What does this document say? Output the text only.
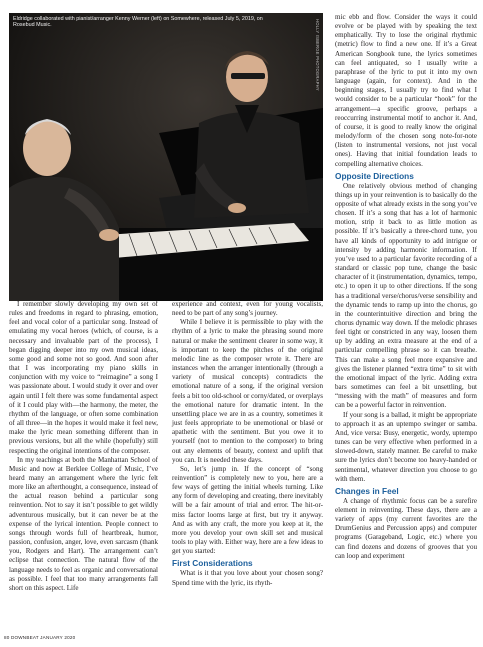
Eldridge collaborated with pianist/arranger Kenny Werner (left) on Somewhere, released July 5, 2019, on Rosebud Music.	HOLLY ISBERGE PHOTOGRAPHY

I remember slowly developing my own set of rules and freedoms in regard to phrasing, emotion, feel and vocal color of a particular song. Instead of emulating my vocal heroes (which, of course, is a necessary and invaluable part of the process), I began digging deeper into my own musical ideas, some good and some not so good. And soon after that I was incorporating my piano skills in conjunction with my voice to “reimagine” a song I was passionate about. I would study it over and over again until I felt there was some fundamental aspect of it I could play with—the harmony, the meter, the rhythm of the language, or often some combination of all three—in the hopes it would make it feel new, make the lyric mean something different than in previous versions, but all the while (hopefully) still respecting the original intentions of the composer.

In my teachings at both the Manhattan School of Music and now at Berklee College of Music, I’ve heard many an arrangement where the lyric felt more like an afterthought, a consequence, instead of the actual reason behind a particular song reinvention. Not to say it isn’t possible to get wildly adventurous musically, but it can never be at the expense of the lyrical intention. People connect to songs through words full of heartbreak, humor, passion, confusion, anger, love, even sarcasm (thank you, Rodgers and Hart). The arrangement can’t eclipse that connection. The natural flow of the language needs to feel as organic and conversational as possible. I feel that too many arrangements fall short on this aspect. Life

experience and context, even for young vocalists, need to be part of any song’s journey.

While I believe it is permissible to play with the rhythm of a lyric to make the phrasing sound more natural or make the sentiment clearer in some way, it is important to keep the pitches of the original melodic line as the composer wrote it. There are instances when the arranger intentionally (through a variety of musical concepts) contradicts the emotional nature of a song, if the original version feels a bit too old-school or corny/dated, or overplays the emotional nature for dramatic intent. In the unsettling place we are in as a country, sometimes it just feels appropriate to be unemotional or blasé or apathetic with the sentiment. But you owe it to yourself (not to mention to the composer) to bring out any elements of beauty, context and uplift that you can. It is needed these days.

So, let’s jump in. If the concept of “song reinvention” is completely new to you, here are a few ways of getting the initial wheels turning. Like any form of developing and creating, there inevitably will be a fair amount of trial and error. The hit-or-miss factor looms large at first, but try it anyway. And as with any craft, the more you keep at it, the more you develop your own skill set and musical tools to play with. Either way, here are a few ideas to get you started:

First Considerations

What is it that you love about your chosen song? Spend time with the lyric, its rhyth-

mic ebb and flow. Consider the ways it could evolve or be played with by speaking the text emphatically. Try to lose the original rhythmic (metric) flow to find a new one. If it’s a Great American Songbook tune, the lyrics sometimes can feel antiquated, so I usually write a paraphrase of the lyric to put it into my own language (again, for context). And in the beginning stages, I usually try to find what I would consider to be a particular “hook” for the arrangement—a specific groove, perhaps a reoccurring instrumental motif to anchor it. And, of course, it is good to really know the original melody/form of the chosen song note-for-note (listen to instrumental versions, not just vocal ones). Having that initial foundation leads to compelling alternative choices.

Opposite Directions

One relatively obvious method of changing things up in your reinvention is to basically do the opposite of what already exists in the song you’ve chosen. If it’s a song that has a lot of harmonic motion, strip it back to as little motion as possible. If it’s basically a three-chord tune, you have all kinds of opportunity to add intrigue or intensity by adding harmonic information. If you’ve used to a particular favorite recording of a standard or classic pop tune, change the basic character of it (instrumentation, dynamics, tempo, etc.) to open it up to other directions. If the song has a traditional verse/chorus/verse sensibility and the dynamic tends to ramp up into the chorus, go in the counterintuitive direction and bring the chorus dynamic way down. If the melodic phrases feel tight or constricted in any way, loosen them up by adding an extra measure at the end of a particular compelling phrase so it can breathe. This can make a song feel more expansive and gives the listener planned “extra time” to sit with the emotional impact of the lyric. Adding extra bars sometimes can feel a bit unsettling, but “messing with the math” of measures and form can be a powerful factor in reinvention.

If your song is a ballad, it might be appropriate to approach it as an uptempo swinger or samba. And, vice versa: Busy, energetic, wordy, uptempo tunes can be very effective when performed in a slowed-down, stately manner. Be careful to make sure the lyrics don’t become too heavy-handed or sentimental, whatever direction you choose to go with them.

Changes in Feel

A change of rhythmic focus can be a surefire element in reinventing. These days, there are a variety of apps (my current favorites are the DrumGenius and Percussion apps) and computer programs (Garageband, Logic, etc.) where you can find dozens and dozens of grooves that you can loop and experiment

80 DOWNBEAT JANUARY 2020
